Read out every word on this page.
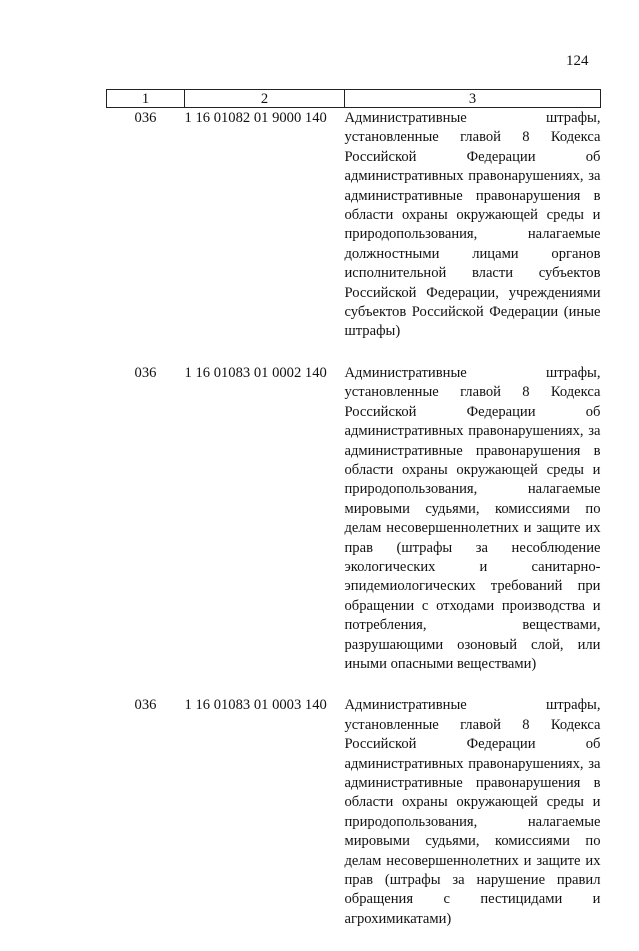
124
1	2	3
036	1 16 01082 01 9000 140	Административные штрафы, установленные главой 8 Кодекса Российской Федерации об административных правонарушениях, за административные правонарушения в области охраны окружающей среды и природопользования, налагаемые должностными лицами органов исполнительной власти субъектов Российской Федерации, учреждениями субъектов Российской Федерации (иные штрафы)
036	1 16 01083 01 0002 140	Административные штрафы, установленные главой 8 Кодекса Российской Федерации об административных правонарушениях, за административные правонарушения в области охраны окружающей среды и природопользования, налагаемые мировыми судьями, комиссиями по делам несовершеннолетних и защите их прав (штрафы за несоблюдение экологических и санитарно-эпидемиологических требований при обращении с отходами производства и потребления, веществами, разрушающими озоновый слой, или иными опасными веществами)
036	1 16 01083 01 0003 140	Административные штрафы, установленные главой 8 Кодекса Российской Федерации об административных правонарушениях, за административные правонарушения в области охраны окружающей среды и природопользования, налагаемые мировыми судьями, комиссиями по делам несовершеннолетних и защите их прав (штрафы за нарушение правил обращения с пестицидами и агрохимикатами)
